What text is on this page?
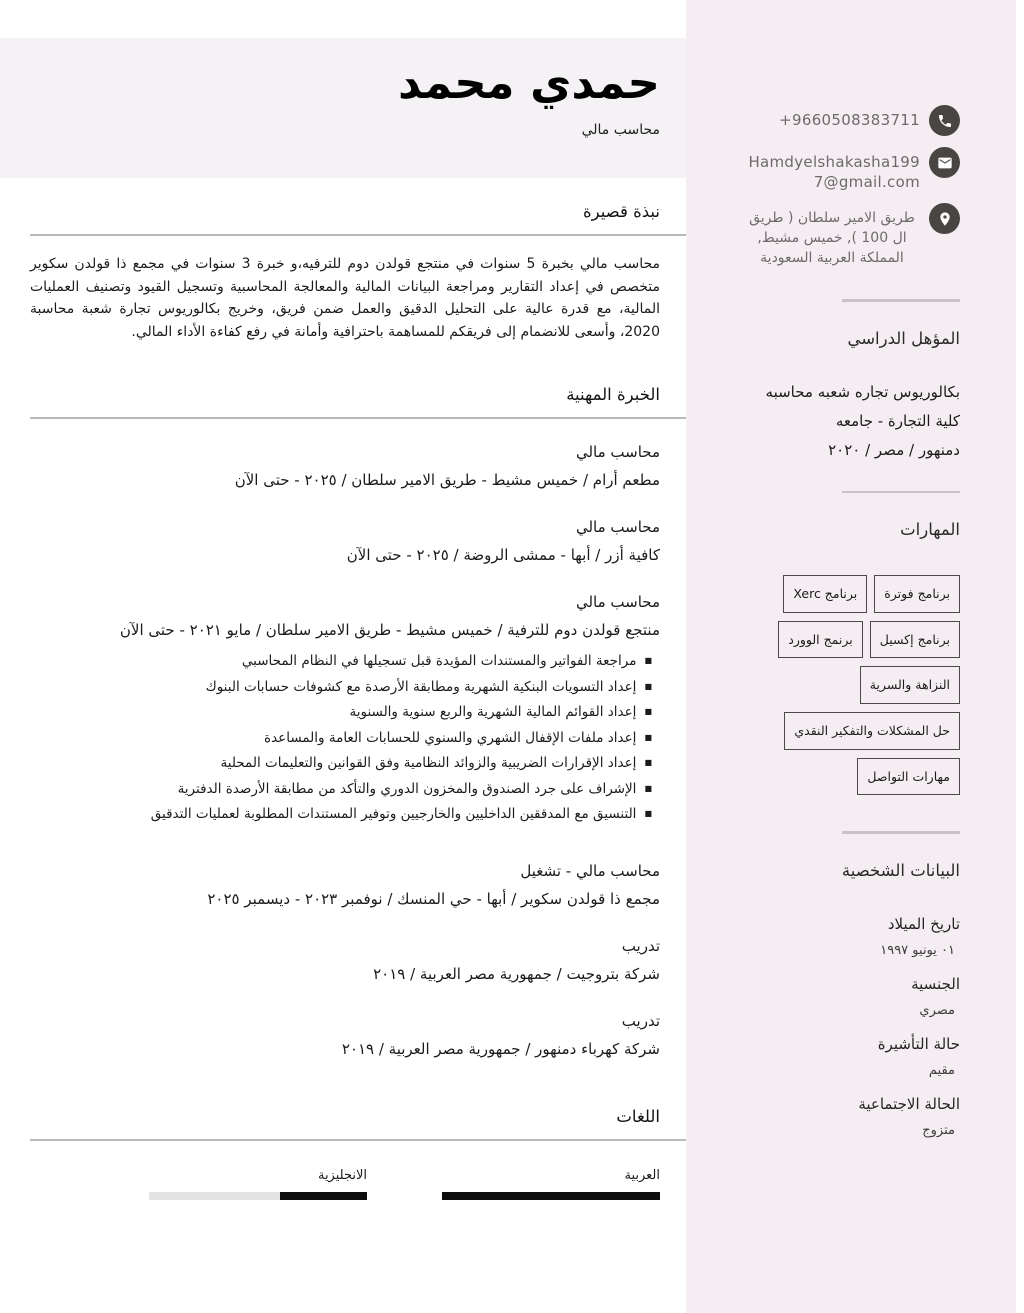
+9660508383711
Hamdyelshakasha1997@gmail.com
طريق الامير سلطان ( طريق ال 100 ), خميس مشيط, المملكة العربية السعودية
المؤهل الدراسي
بكالوريوس تجاره شعبه محاسبه
كلية التجارة - جامعه
دمنهور / مصر / ٢٠٢٠
المهارات
برنامج فوترة
برنامج Xerc
برنامج إكسيل
برنمج الوورد
النزاهة والسرية
حل المشكلات والتفكير النقدي
مهارات التواصل
البيانات الشخصية
تاريخ الميلاد
٠١ يونيو ١٩٩٧
الجنسية
مصري
حالة التأشيرة
مقيم
الحالة الاجتماعية
متزوج
حمدي محمد
محاسب مالي
نبذة قصيرة

محاسب مالي بخبرة 5 سنوات في منتجع قولدن دوم للترفيه،و خبرة 3 سنوات في مجمع ذا قولدن سكوير متخصص في إعداد التقارير ومراجعة البيانات المالية والمعالجة المحاسبية وتسجيل القيود وتصنيف العمليات المالية، مع قدرة عالية على التحليل الدقيق والعمل ضمن فريق، وخريج بكالوريوس تجارة شعبة محاسبة 2020، وأسعى للانضمام إلى فريقكم للمساهمة باحترافية وأمانة في رفع كفاءة الأداء المالي.

الخبرة المهنية
محاسب مالي
مطعم أرام / خميس مشيط - طريق الامير سلطان / ٢٠٢٥ - حتى الآن
محاسب مالي
كافية أزر / أبها - ممشى الروضة / ٢٠٢٥ - حتى الآن
محاسب مالي
منتجع قولدن دوم للترفية / خميس مشيط - طريق الامير سلطان / مايو ٢٠٢١ - حتى الآن
■
مراجعة الفواتير والمستندات المؤيدة قبل تسجيلها في النظام المحاسبي
■
إعداد التسويات البنكية الشهرية ومطابقة الأرصدة مع كشوفات حسابات البنوك
■
إعداد القوائم المالية الشهرية والربع سنوية والسنوية
■
إعداد ملفات الإقفال الشهري والسنوي للحسابات العامة والمساعدة
■
إعداد الإقرارات الضريبية والزوائد النظامية وفق القوانين والتعليمات المحلية
■
الإشراف على جرد الصندوق والمخزون الدوري والتأكد من مطابقة الأرصدة الدفترية
■
التنسيق مع المدققين الداخليين والخارجيين وتوفير المستندات المطلوبة لعمليات التدقيق
محاسب مالي - تشغيل
مجمع ذا قولدن سكوير / أبها - حي المنسك / نوفمبر ٢٠٢٣ - ديسمبر ٢٠٢٥
تدريب
شركة بتروجيت / جمهورية مصر العربية / ٢٠١٩
تدريب
شركة كهرباء دمنهور / جمهورية مصر العربية / ٢٠١٩
اللغات
العربية
الانجليزية
